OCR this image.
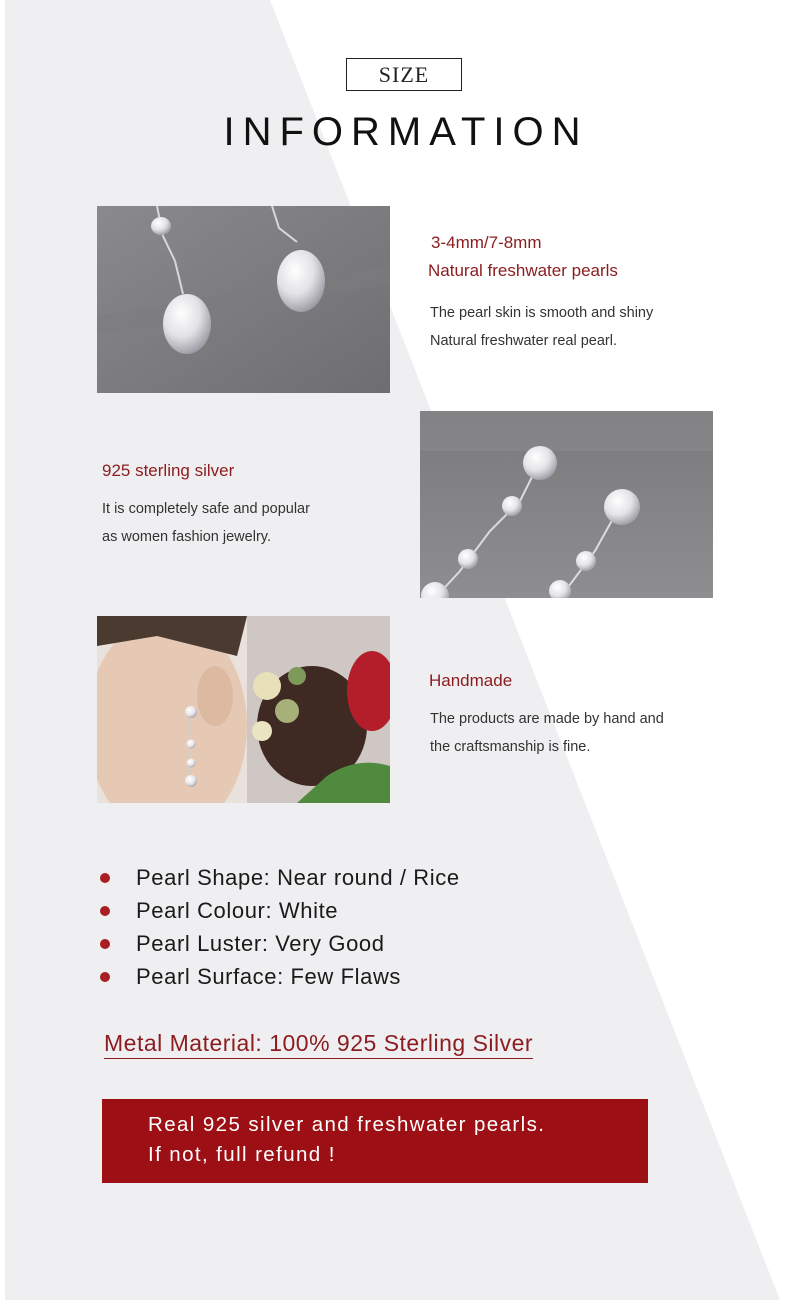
SIZE
INFORMATION
3-4mm/7-8mm
Natural freshwater pearls
The pearl skin is smooth and shiny
Natural freshwater real pearl.
925 sterling silver
It is completely safe and popular
as women fashion jewelry.
Handmade
The products are made by hand and
the craftsmanship is fine.
Pearl Shape: Near round / Rice
Pearl Colour: White
Pearl Luster: Very Good
Pearl Surface: Few Flaws
Metal Material: 100% 925 Sterling Silver
Real 925 silver and freshwater pearls.
If not, full refund !
